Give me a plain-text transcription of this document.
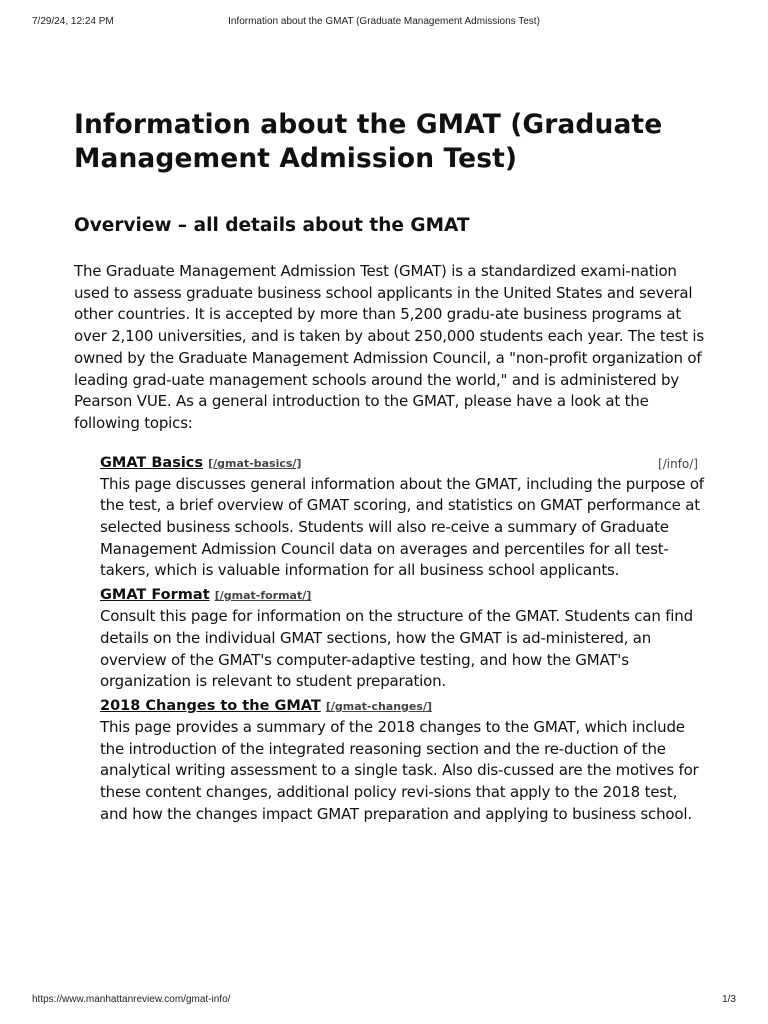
7/29/24, 12:24 PM	Information about the GMAT (Graduate Management Admissions Test)
Information about the GMAT (Graduate Management Admission Test)
Overview – all details about the GMAT

The Graduate Management Admission Test (GMAT) is a standardized exami-nation used to assess graduate business school applicants in the United States and several other countries. It is accepted by more than 5,200 gradu-ate business programs at over 2,100 universities, and is taken by about 250,000 students each year. The test is owned by the Graduate Management Admission Council, a "non-profit organization of leading grad-uate management schools around the world," and is administered by Pearson VUE. As a general introduction to the GMAT, please have a look at the following topics:

[/info/]
GMAT Basics [/gmat-basics/]

This page discusses general information about the GMAT, including the purpose of the test, a brief overview of GMAT scoring, and statistics on GMAT performance at selected business schools. Students will also re-ceive a summary of Graduate Management Admission Council data on averages and percentiles for all test-takers, which is valuable information for all business school applicants.

GMAT Format [/gmat-format/]

Consult this page for information on the structure of the GMAT. Students can find details on the individual GMAT sections, how the GMAT is ad-ministered, an overview of the GMAT's computer-adaptive testing, and how the GMAT's organization is relevant to student preparation.

2018 Changes to the GMAT [/gmat-changes/]

This page provides a summary of the 2018 changes to the GMAT, which include the introduction of the integrated reasoning section and the re-duction of the analytical writing assessment to a single task. Also dis-cussed are the motives for these content changes, additional policy revi-sions that apply to the 2018 test, and how the changes impact GMAT preparation and applying to business school.

https://www.manhattanreview.com/gmat-info/	1/3
